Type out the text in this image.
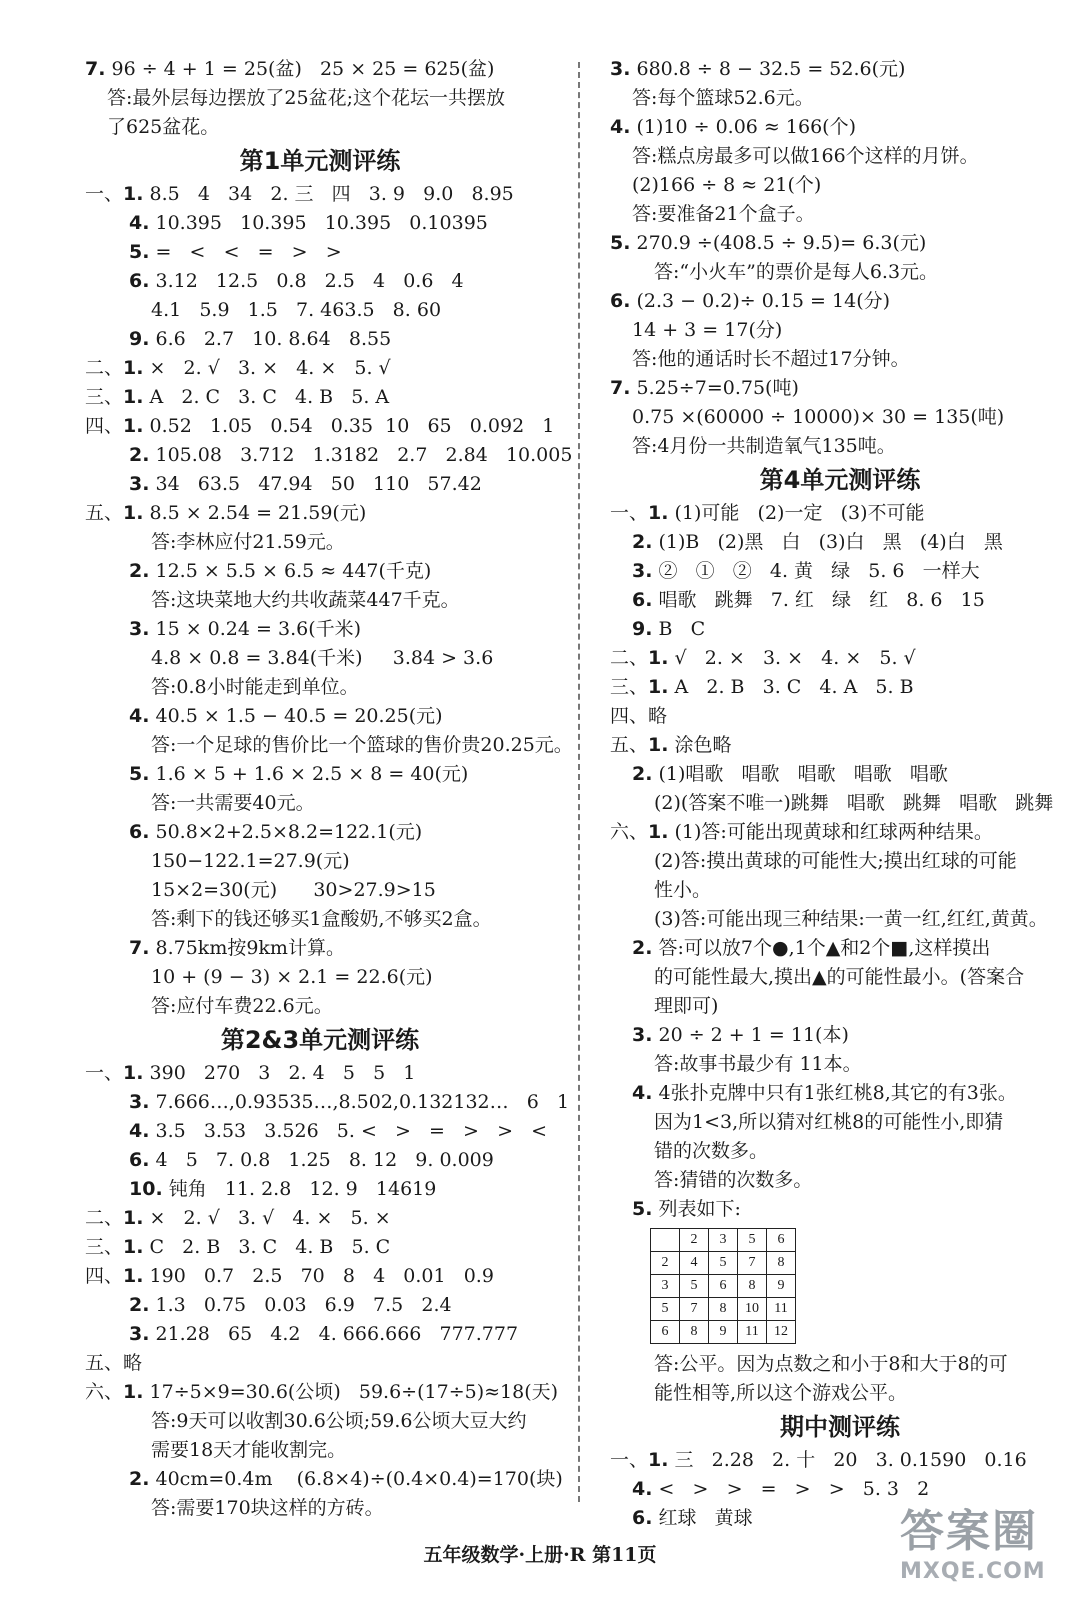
7. 96 ÷ 4 + 1 = 25(盆)   25 × 25 = 625(盆)
答:最外层每边摆放了25盆花;这个花坛一共摆放
了625盆花。
第1单元测评练
一、1. 8.5   4   34   2. 三   四   3. 9   9.0   8.95
4. 10.395   10.395   10.395   0.10395
5. =   <   <   =   >   >
6. 3.12   12.5   0.8   2.5   4   0.6   4
4.1   5.9   1.5   7. 463.5   8. 60
9. 6.6   2.7   10. 8.64   8.55
二、1. ×   2. √   3. ×   4. ×   5. √
三、1. A   2. C   3. C   4. B   5. A
四、1. 0.52   1.05   0.54   0.35  10   65   0.092   1
2. 105.08   3.712   1.3182   2.7   2.84   10.005
3. 34   63.5   47.94   50   110   57.42
五、1. 8.5 × 2.54 = 21.59(元)
答:李林应付21.59元。
2. 12.5 × 5.5 × 6.5 ≈ 447(千克)
答:这块菜地大约共收蔬菜447千克。
3. 15 × 0.24 = 3.6(千米)
4.8 × 0.8 = 3.84(千米)     3.84 > 3.6
答:0.8小时能走到单位。
4. 40.5 × 1.5 − 40.5 = 20.25(元)
答:一个足球的售价比一个篮球的售价贵20.25元。
5. 1.6 × 5 + 1.6 × 2.5 × 8 = 40(元)
答:一共需要40元。
6. 50.8×2+2.5×8.2=122.1(元)
150−122.1=27.9(元)
15×2=30(元)      30>27.9>15
答:剩下的钱还够买1盒酸奶,不够买2盒。
7. 8.75km按9km计算。
10 + (9 − 3) × 2.1 = 22.6(元)
答:应付车费22.6元。
第2&3单元测评练
一、1. 390   270   3   2. 4   5   5   1
3. 7.666…,0.93535…,8.502,0.132132…   6   1
4. 3.5   3.53   3.526   5. <   >   =   >   >   <
6. 4   5   7. 0.8   1.25   8. 12   9. 0.009
10. 钝角   11. 2.8   12. 9   14619
二、1. ×   2. √   3. √   4. ×   5. ×
三、1. C   2. B   3. C   4. B   5. C
四、1. 190   0.7   2.5   70   8   4   0.01   0.9
2. 1.3   0.75   0.03   6.9   7.5   2.4
3. 21.28   65   4.2   4. 666.666   777.777
五、略
六、1. 17÷5×9=30.6(公顷)   59.6÷(17÷5)≈18(天)
答:9天可以收割30.6公顷;59.6公顷大豆大约
需要18天才能收割完。
2. 40cm=0.4m    (6.8×4)÷(0.4×0.4)=170(块)
答:需要170块这样的方砖。
3. 680.8 ÷ 8 − 32.5 = 52.6(元)
答:每个篮球52.6元。
4. (1)10 ÷ 0.06 ≈ 166(个)
答:糕点房最多可以做166个这样的月饼。
(2)166 ÷ 8 ≈ 21(个)
答:要准备21个盒子。
5. 270.9 ÷(408.5 ÷ 9.5)= 6.3(元)
答:“小火车”的票价是每人6.3元。
6. (2.3 − 0.2)÷ 0.15 = 14(分)
14 + 3 = 17(分)
答:他的通话时长不超过17分钟。
7. 5.25÷7=0.75(吨)
0.75 ×(60000 ÷ 10000)× 30 = 135(吨)
答:4月份一共制造氧气135吨。
第4单元测评练
一、1. (1)可能   (2)一定   (3)不可能
2. (1)B   (2)黑   白   (3)白   黑   (4)白   黑
3. ②   ①   ②   4. 黄   绿   5. 6   一样大
6. 唱歌   跳舞   7. 红   绿   红   8. 6   15
9. B   C
二、1. √   2. ×   3. ×   4. ×   5. √
三、1. A   2. B   3. C   4. A   5. B
四、略
五、1. 涂色略
2. (1)唱歌   唱歌   唱歌   唱歌   唱歌
(2)(答案不唯一)跳舞   唱歌   跳舞   唱歌   跳舞
六、1. (1)答:可能出现黄球和红球两种结果。
(2)答:摸出黄球的可能性大;摸出红球的可能
性小。
(3)答:可能出现三种结果:一黄一红,红红,黄黄。
2. 答:可以放7个●,1个▲和2个■,这样摸出
的可能性最大,摸出▲的可能性最小。(答案合
理即可)
3. 20 ÷ 2 + 1 = 11(本)
答:故事书最少有 11本。
4. 4张扑克牌中只有1张红桃8,其它的有3张。
因为1<3,所以猜对红桃8的可能性小,即猜
错的次数多。
答:猜错的次数多。
5. 列表如下:
	2	3	5	6
2	4	5	7	8
3	5	6	8	9
5	7	8	10	11
6	8	9	11	12
答:公平。因为点数之和小于8和大于8的可
能性相等,所以这个游戏公平。
期中测评练
一、1. 三   2.28   2. 十   20   3. 0.1590   0.16
4. <   >   >   =   >   >   5. 3   2
6. 红球   黄球
五年级数学·上册·R 第11页	答案圈
MXQE.COM
